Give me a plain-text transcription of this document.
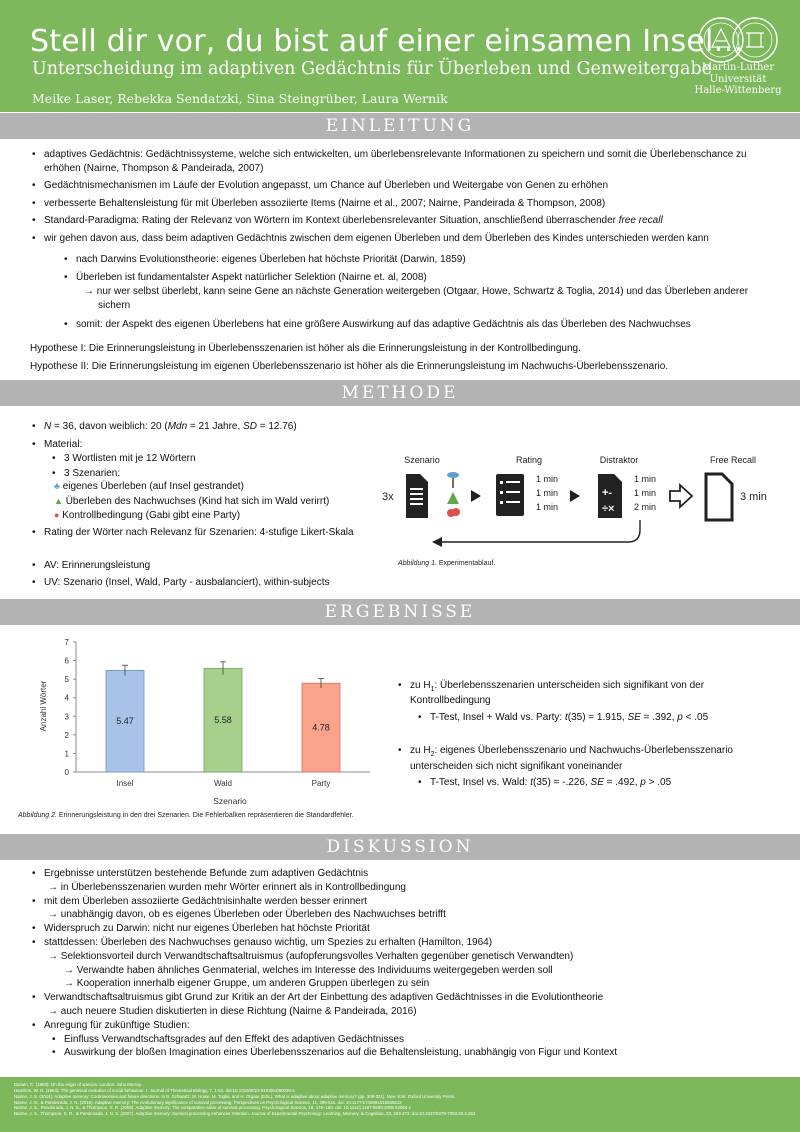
Stell dir vor, du bist auf einer einsamen Insel…
Unterscheidung im adaptiven Gedächtnis für Überleben und Genweitergabe
Meike Laser, Rebekka Sendatzki, Sina Steingrüber, Laura Wernik
Martin-Luther
Universität
Halle-Wittenberg
EINLEITUNG
• adaptives Gedächtnis: Gedächtnissysteme, welche sich entwickelten, um überlebensrelevante Informationen zu speichern und somit die Überlebenschance zu erhöhen (Nairne, Thompson & Pandeirada, 2007)
• Gedächtnismechanismen im Laufe der Evolution angepasst, um Chance auf Überleben und Weitergabe von Genen zu erhöhen
• verbesserte Behaltensleistung für mit Überleben assoziierte Items (Nairne et al., 2007; Nairne, Pandeirada & Thompson, 2008)
• Standard-Paradigma: Rating der Relevanz von Wörtern im Kontext überlebensrelevanter Situation, anschließend überraschender free recall
• wir gehen davon aus, dass beim adaptiven Gedächtnis zwischen dem eigenen Überleben und dem Überleben des Kindes unterschieden werden kann
• nach Darwins Evolutionstheorie: eigenes Überleben hat höchste Priorität (Darwin, 1859)
• Überleben ist fundamentalster Aspekt natürlicher Selektion (Nairne et. al, 2008)
→ nur wer selbst überlebt, kann seine Gene an nächste Generation weitergeben (Otgaar, Howe, Schwartz & Toglia, 2014) und das Überleben anderer sichern
• somit: der Aspekt des eigenen Überlebens hat eine größere Auswirkung auf das adaptive Gedächtnis als das Überleben des Nachwuchses
Hypothese I: Die Erinnerungsleistung in Überlebensszenarien ist höher als die Erinnerungsleistung in der Kontrollbedingung.
Hypothese II: Die Erinnerungsleistung im eigenen Überlebensszenario ist höher als die Erinnerungsleistung im Nachwuchs-Überlebensszenario.
METHODE
• N = 36, davon weiblich: 20 (Mdn = 21 Jahre, SD = 12.76)
• Material:
• 3 Wortlisten mit je 12 Wörtern
• 3 Szenarien:
♣ eigenes Überleben (auf Insel gestrandet)
▲ Überleben des Nachwuchses (Kind hat sich im Wald verirrt)
● Kontrollbedingung (Gabi gibt eine Party)
• Rating der Wörter nach Relevanz für Szenarien: 4-stufige Likert-Skala
• AV: Erinnerungsleistung
• UV: Szenario (Insel, Wald, Party - ausbalanciert), within-subjects
Szenario	Rating	Distraktor	Free Recall
3x
1 min
1 min
1 min
+-
÷×
1 min
1 min
2 min
3 min
Abbildung 1. Experimentablauf.
ERGEBNISSE
0
1
2
3
4
5
6
7
5.47
Insel
5.58
Wald
4.78
Party
Anzahl Wörter
Szenario
Abbildung 2. Erinnerungsleistung in den drei Szenarien. Die Fehlerbalken repräsentieren die Standardfehler.
• zu $H_1$: Überlebensszenarien unterscheiden sich signifikant von der Kontrollbedingung
• T-Test, Insel + Wald vs. Party: t(35) = 1.915, SE = .392, p < .05
• zu $H_2$: eigenes Überlebensszenario und Nachwuchs-Überlebensszenario unterscheiden sich nicht signifikant voneinander
• T-Test, Insel vs. Wald: t(35) = -.226, SE = .492, p > .05
DISKUSSION
• Ergebnisse unterstützen bestehende Befunde zum adaptiven Gedächtnis
→ in Überlebensszenarien wurden mehr Wörter erinnert als in Kontrollbedingung
• mit dem Überleben assoziierte Gedächtnisinhalte werden besser erinnert
→ unabhängig davon, ob es eigenes Überleben oder Überleben des Nachwuchses betrifft
• Widerspruch zu Darwin: nicht nur eigenes Überleben hat höchste Priorität
• stattdessen: Überleben des Nachwuchses genauso wichtig, um Spezies zu erhalten (Hamilton, 1964)
→ Selektionsvorteil durch Verwandtschaftsaltruismus (aufopferungsvolles Verhalten gegenüber genetisch Verwandten)
→ Verwandte haben ähnliches Genmaterial, welches im Interesse des Individuums weitergegeben werden soll
→ Kooperation innerhalb eigener Gruppe, um anderen Gruppen überlegen zu sein
• Verwandtschaftsaltruismus gibt Grund zur Kritik an der Art der Einbettung des adaptiven Gedächtnisses in die Evolutiontheorie
→ auch neuere Studien diskutierten in diese Richtung (Nairne & Pandeirada, 2016)
• Anregung für zukünftige Studien:
• Einfluss Verwandtschaftsgrades auf den Effekt des adaptiven Gedächtnisses
• Auswirkung der bloßen Imagination eines Überlebensszenarios auf die Behaltensleistung, unabhängig von Figur und Kontext
Darwin, C. (1859). On the origin of species. London: John Murray.
Hamilton, W. D. (1964). The genetical evolution of social behaviour. I. Journal of Theoretical Biology, 7, 1-52. doi:10.1016/0022-5193(64)90038-4
Nairne, J. S. (2014). Adaptive memory: Controversies and future directions. In B. Schwartz, M. Howe, M. Toglia, and H. Otgaar (Eds.), What is adaptive about adaptive memory? (pp. 308-321). New York: Oxford University Press.
Nairne, J. S., & Pandeirada, J. N. (2016). Adaptive memory: The evolutionary significance of survival processing. Perspectives on Psychological Science, 11, 496-511. doi: 10.1177/1745691616635613
Nairne, J. S., Pandeirada, J. N. S., & Thompson, S. R. (2008). Adaptive memory: The comparative value of survival processing. Psychological Science, 19, 176–180. doi: 10.1111/j.1467-9280.2008.02064.x
Nairne, J. S., Thompson, S. R., & Pandeirada, J. N. S. (2007). Adaptive memory: Survival processing enhances retention. Journal of Experimental Psychology: Learning, Memory, & Cognition, 33, 263-273. doi:10.1037/0278-7393.33.2.263
